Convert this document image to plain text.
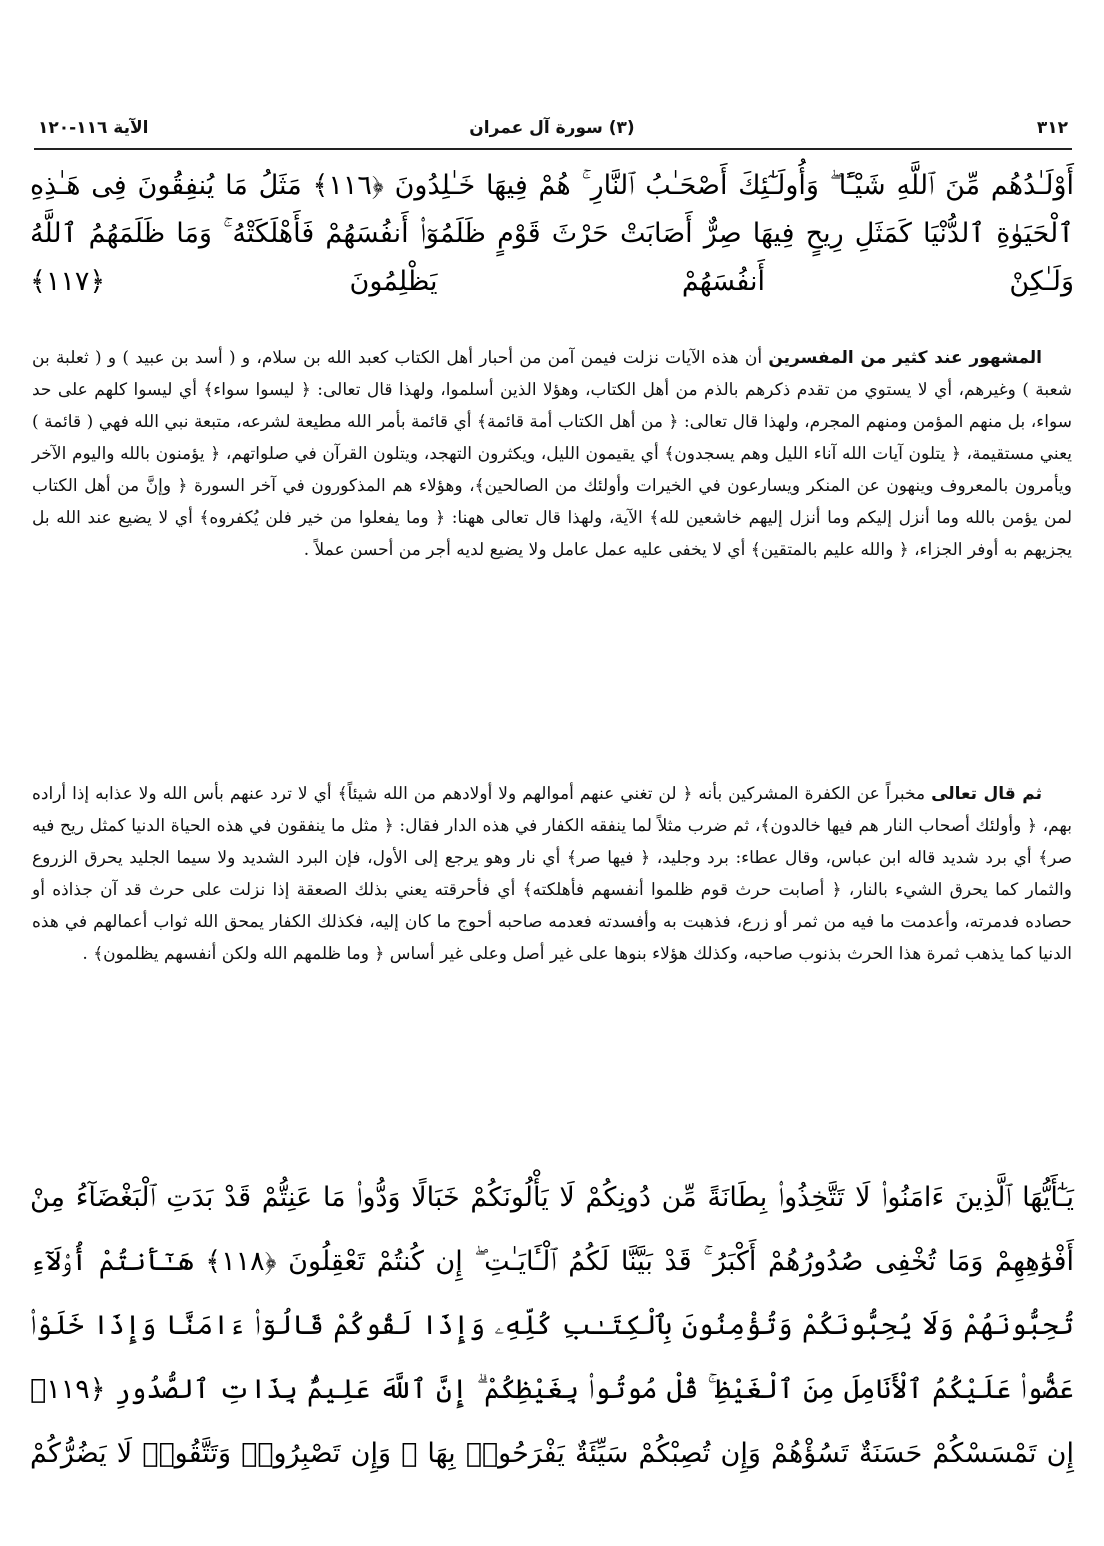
٣١٢
(٣) سورة آل عمران
الآية ١١٦-١٢٠

أَوْلَـٰدُهُم مِّنَ ٱللَّهِ شَيْـًٔا ۖ وَأُولَـٰٓئِكَ أَصْحَـٰبُ ٱلنَّارِ ۚ هُمْ فِيهَا خَـٰلِدُونَ ﴿١١٦﴾ مَثَلُ مَا يُنفِقُونَ فِى هَـٰذِهِ ٱلْحَيَوٰةِ ٱلدُّنْيَا كَمَثَلِ رِيحٍ فِيهَا صِرٌّ أَصَابَتْ حَرْثَ قَوْمٍ ظَلَمُوٓا۟ أَنفُسَهُمْ فَأَهْلَكَتْهُ ۚ وَمَا ظَلَمَهُمُ ٱللَّهُ وَلَـٰكِنْ أَنفُسَهُمْ يَظْلِمُونَ ﴿١١٧﴾

المشهور عند كثير من المفسرين أن هذه الآيات نزلت فيمن آمن من أحبار أهل الكتاب كعبد الله بن سلام، و ( أسد بن عبيد ) و ( ثعلبة بن شعبة ) وغيرهم، أي لا يستوي من تقدم ذكرهم بالذم من أهل الكتاب، وهؤلا الذين أسلموا، ولهذا قال تعالى: ﴿ ليسوا سواء﴾ أي ليسوا كلهم على حد سواء، بل منهم المؤمن ومنهم المجرم، ولهذا قال تعالى: ﴿ من أهل الكتاب أمة قائمة﴾ أي قائمة بأمر الله مطيعة لشرعه، متبعة نبي الله فهي ( قائمة ) يعني مستقيمة، ﴿ يتلون آيات الله آناء الليل وهم يسجدون﴾ أي يقيمون الليل، ويكثرون التهجد، ويتلون القرآن في صلواتهم، ﴿ يؤمنون بالله واليوم الآخر ويأمرون بالمعروف وينهون عن المنكر ويسارعون في الخيرات وأولئك من الصالحين﴾، وهؤلاء هم المذكورون في آخر السورة ﴿ وإنَّ من أهل الكتاب لمن يؤمن بالله وما أنزل إليكم وما أنزل إليهم خاشعين لله﴾ الآية، ولهذا قال تعالى ههنا: ﴿ وما يفعلوا من خير فلن يُكفروه﴾ أي لا يضيع عند الله بل يجزيهم به أوفر الجزاء، ﴿ والله عليم بالمتقين﴾ أي لا يخفى عليه عمل عامل ولا يضيع لديه أجر من أحسن عملاً .

ثم قال تعالى مخبراً عن الكفرة المشركين بأنه ﴿ لن تغني عنهم أموالهم ولا أولادهم من الله شيئاً﴾ أي لا ترد عنهم بأس الله ولا عذابه إذا أراده بهم، ﴿ وأولئك أصحاب النار هم فيها خالدون﴾، ثم ضرب مثلاً لما ينفقه الكفار في هذه الدار فقال: ﴿ مثل ما ينفقون في هذه الحياة الدنيا كمثل ريح فيه صر﴾ أي برد شديد قاله ابن عباس، وقال عطاء: برد وجليد، ﴿ فيها صر﴾ أي نار وهو يرجع إلى الأول، فإن البرد الشديد ولا سيما الجليد يحرق الزروع والثمار كما يحرق الشيء بالنار، ﴿ أصابت حرث قوم ظلموا أنفسهم فأهلكته﴾ أي فأحرقته يعني بذلك الصعقة إذا نزلت على حرث قد آن جذاذه أو حصاده فدمرته، وأعدمت ما فيه من ثمر أو زرع، فذهبت به وأفسدته فعدمه صاحبه أحوج ما كان إليه، فكذلك الكفار يمحق الله ثواب أعمالهم في هذه الدنيا كما يذهب ثمرة هذا الحرث بذنوب صاحبه، وكذلك هؤلاء بنوها على غير أصل وعلى غير أساس ﴿ وما ظلمهم الله ولكن أنفسهم يظلمون﴾ .

يَـٰٓأَيُّهَا ٱلَّذِينَ ءَامَنُوا۟ لَا تَتَّخِذُوا۟ بِطَانَةً مِّن دُونِكُمْ لَا يَأْلُونَكُمْ خَبَالًا وَدُّوا۟ مَا عَنِتُّمْ قَدْ بَدَتِ ٱلْبَغْضَآءُ مِنْ أَفْوَٰهِهِمْ وَمَا تُخْفِى صُدُورُهُمْ أَكْبَرُ ۚ قَدْ بَيَّنَّا لَكُمُ ٱلْـَٔايَـٰتِ ۖ إِن كُنتُمْ تَعْقِلُونَ ﴿١١٨﴾ هَـٰٓأَنتُمْ أُو۟لَآءِ تُحِبُّونَهُمْ وَلَا يُحِبُّونَكُمْ وَتُؤْمِنُونَ بِٱلْكِتَـٰبِ كُلِّهِۦ وَإِذَا لَقُوكُمْ قَالُوٓا۟ ءَامَنَّا وَإِذَا خَلَوْا۟ عَضُّوا۟ عَلَيْكُمُ ٱلْأَنَامِلَ مِنَ ٱلْغَيْظِ ۚ قُلْ مُوتُوا۟ بِغَيْظِكُمْ ۗ إِنَّ ٱللَّهَ عَلِيمٌۢ بِذَاتِ ٱلصُّدُورِ ﴿١١٩﴾ إِن تَمْسَسْكُمْ حَسَنَةٌ تَسُؤْهُمْ وَإِن تُصِبْكُمْ سَيِّئَةٌ يَفْرَحُوا۟ بِهَا ۖ وَإِن تَصْبِرُوا۟ وَتَتَّقُوا۟ لَا يَضُرُّكُمْ
